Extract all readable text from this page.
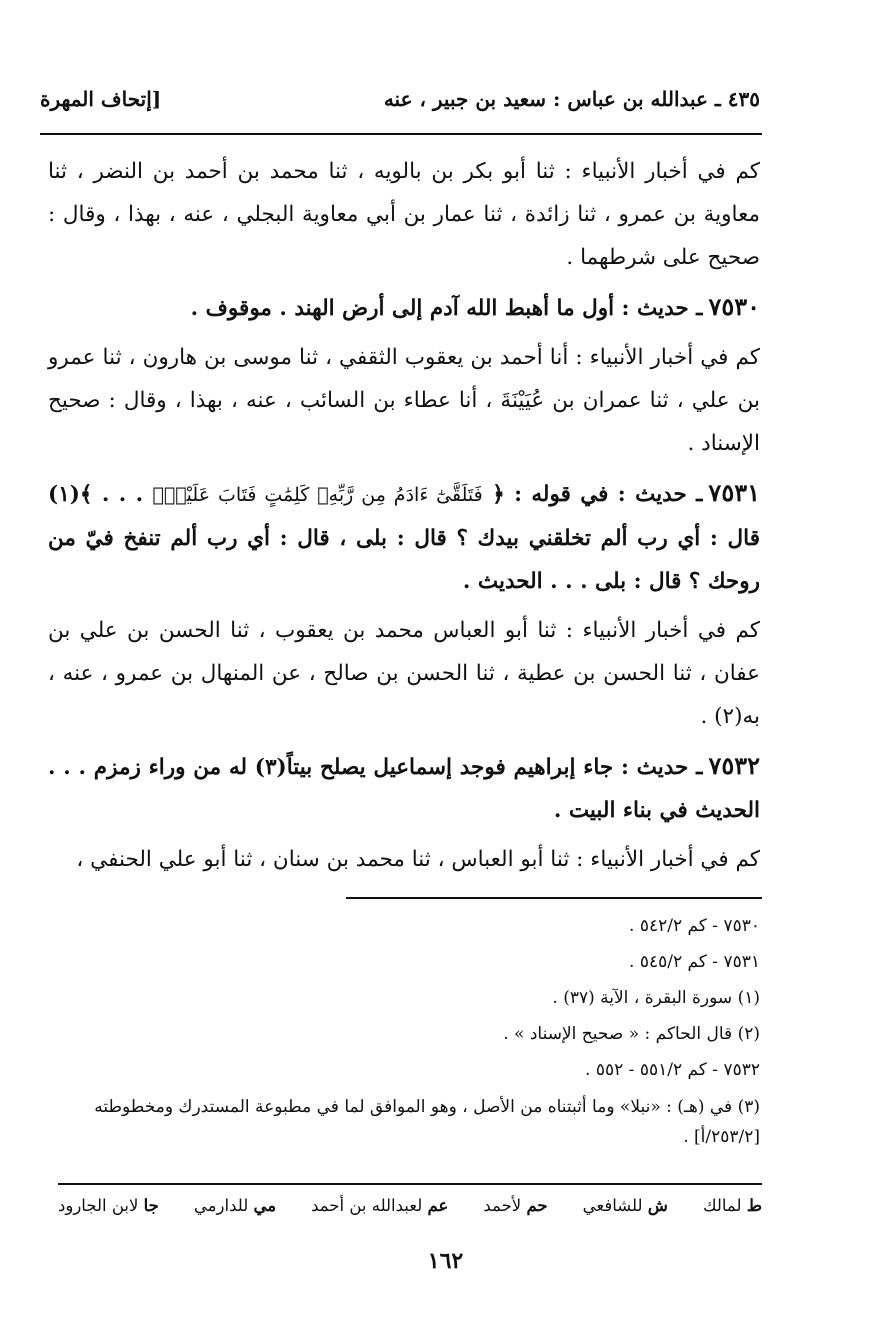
٤٣٥ ـ عبدالله بن عباس : سعيد بن جبير ، عنه
[إتحاف المهرة

كم في أخبار الأنبياء : ثنا أبو بكر بن بالويه ، ثنا محمد بن أحمد بن النضر ، ثنا معاوية بن عمرو ، ثنا زائدة ، ثنا عمار بن أبي معاوية البجلي ، عنه ، بهذا ، وقال : صحيح على شرطهما .

٧٥٣٠ـ حديث : أول ما أهبط الله آدم إلى أرض الهند . موقوف .

كم في أخبار الأنبياء : أنا أحمد بن يعقوب الثقفي ، ثنا موسى بن هارون ، ثنا عمرو بن علي ، ثنا عمران بن عُيَيْنَةَ ، أنا عطاء بن السائب ، عنه ، بهذا ، وقال : صحيح الإسناد .

٧٥٣١ـ حديث : في قوله : ﴿ فَتَلَقَّىٰٓ ءَادَمُ مِن رَّبِّهِۦ كَلِمَٰتٍ فَتَابَ عَلَيْهِۚ . . . ﴾(١) قال : أي رب ألم تخلقني بيدك ؟ قال : بلى ، قال : أي رب ألم تنفخ فيّ من روحك ؟ قال : بلى . . . الحديث .

كم في أخبار الأنبياء : ثنا أبو العباس محمد بن يعقوب ، ثنا الحسن بن علي بن عفان ، ثنا الحسن بن عطية ، ثنا الحسن بن صالح ، عن المنهال بن عمرو ، عنه ، به(٢) .

٧٥٣٢ـ حديث : جاء إبراهيم فوجد إسماعيل يصلح بيتاً(٣) له من وراء زمزم . . . الحديث في بناء البيت .

كم في أخبار الأنبياء : ثنا أبو العباس ، ثنا محمد بن سنان ، ثنا أبو علي الحنفي ،

٧٥٣٠ - كم ٥٤٢/٢ .

٧٥٣١ - كم ٥٤٥/٢ .

(١) سورة البقرة ، الآية (٣٧) .

(٢) قال الحاكم : « صحيح الإسناد » .

٧٥٣٢ - كم ٥٥١/٢ - ٥٥٢ .

(٣) في (هـ) : «نبلا» وما أثبتناه من الأصل ، وهو الموافق لما في مطبوعة المستدرك ومخطوطته [٢٥٣/٢/أ] .

ط لمالك
ش للشافعي
حم لأحمد
عم لعبدالله بن أحمد
مي للدارمي
جا لابن الجارود
١٦٢
